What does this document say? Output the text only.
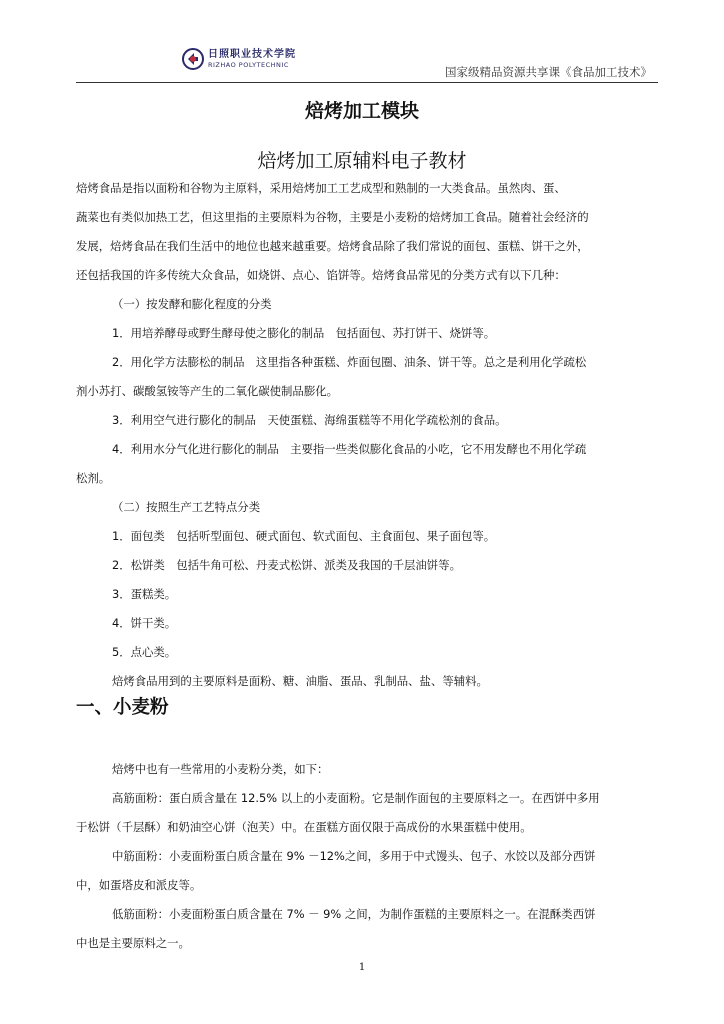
日照职业技术学院
RIZHAO POLYTECHNIC
国家级精品资源共享课《食品加工技术》
焙烤加工模块
焙烤加工原辅料电子教材
焙烤食品是指以面粉和谷物为主原料，采用焙烤加工工艺成型和熟制的一大类食品。虽然肉、蛋、
蔬菜也有类似加热工艺，但这里指的主要原料为谷物，主要是小麦粉的焙烤加工食品。随着社会经济的
发展，焙烤食品在我们生活中的地位也越来越重要。焙烤食品除了我们常说的面包、蛋糕、饼干之外，
还包括我国的许多传统大众食品，如烧饼、点心、馅饼等。焙烤食品常见的分类方式有以下几种：
（一）按发酵和膨化程度的分类
1．用培养酵母或野生酵母使之膨化的制品　包括面包、苏打饼干、烧饼等。
2．用化学方法膨松的制品　这里指各种蛋糕、炸面包圈、油条、饼干等。总之是利用化学疏松
剂小苏打、碳酸氢铵等产生的二氧化碳使制品膨化。
3．利用空气进行膨化的制品　天使蛋糕、海绵蛋糕等不用化学疏松剂的食品。
4．利用水分气化进行膨化的制品　主要指一些类似膨化食品的小吃，它不用发酵也不用化学疏
松剂。
（二）按照生产工艺特点分类
1．面包类　包括听型面包、硬式面包、软式面包、主食面包、果子面包等。
2．松饼类　包括牛角可松、丹麦式松饼、派类及我国的千层油饼等。
3．蛋糕类。
4．饼干类。
5．点心类。
焙烤食品用到的主要原料是面粉、糖、油脂、蛋品、乳制品、盐、等辅料。
一、小麦粉
焙烤中也有一些常用的小麦粉分类，如下：
高筋面粉：蛋白质含量在 12.5% 以上的小麦面粉。它是制作面包的主要原料之一。在西饼中多用
于松饼（千层酥）和奶油空心饼（泡芙）中。在蛋糕方面仅限于高成份的水果蛋糕中使用。
中筋面粉：小麦面粉蛋白质含量在 9% －12%之间，多用于中式馒头、包子、水饺以及部分西饼
中，如蛋塔皮和派皮等。
低筋面粉：小麦面粉蛋白质含量在 7% － 9% 之间，为制作蛋糕的主要原料之一。在混酥类西饼
中也是主要原料之一。
1
